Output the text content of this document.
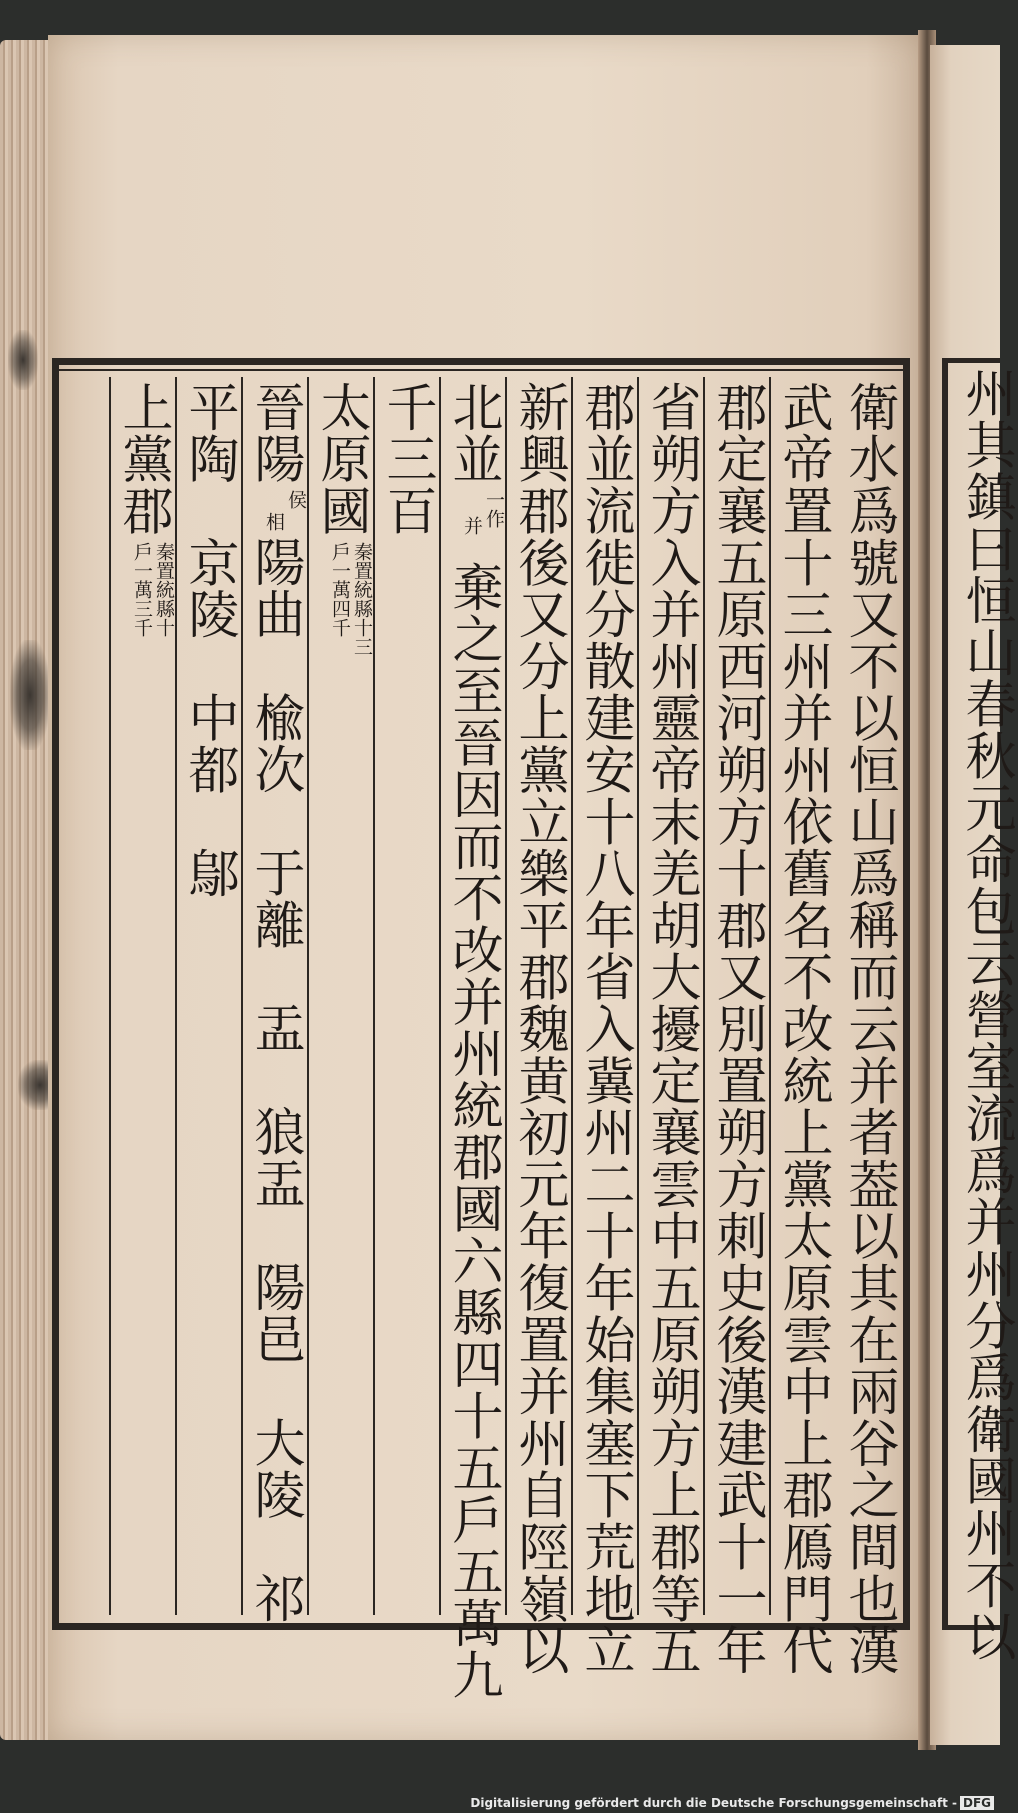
衛水爲號又不以恒山爲稱而云并者葢以其在兩谷之間也漢
武帝置十三州并州依舊名不改統上黨太原雲中上郡鴈門代
郡定襄五原西河朔方十郡又別置朔方刺史後漢建武十一年
省朔方入并州靈帝末羌胡大擾定襄雲中五原朔方上郡等五
郡並流徙分散建安十八年省入冀州二十年始集塞下荒地立
新興郡後又分上黨立樂平郡魏黄初元年復置并州自陘嶺以
北並
一作
并
棄之至晉因而不改并州統郡國六縣四十五戶五萬九
千三百
太原國
秦置統縣十三
戶一萬四千
晉陽
侯
相
陽曲　楡次　于離　盂　狼盂　陽邑　大陵　祁
平陶　京陵　中都　鄔
上黨郡
秦置統縣十
戶一萬三千	州其鎮曰恒山春秋元命包云營室流爲并州分爲衛國州不以
Digitalisierung gefördert durch die Deutsche Forschungsgemeinschaft - DFG
